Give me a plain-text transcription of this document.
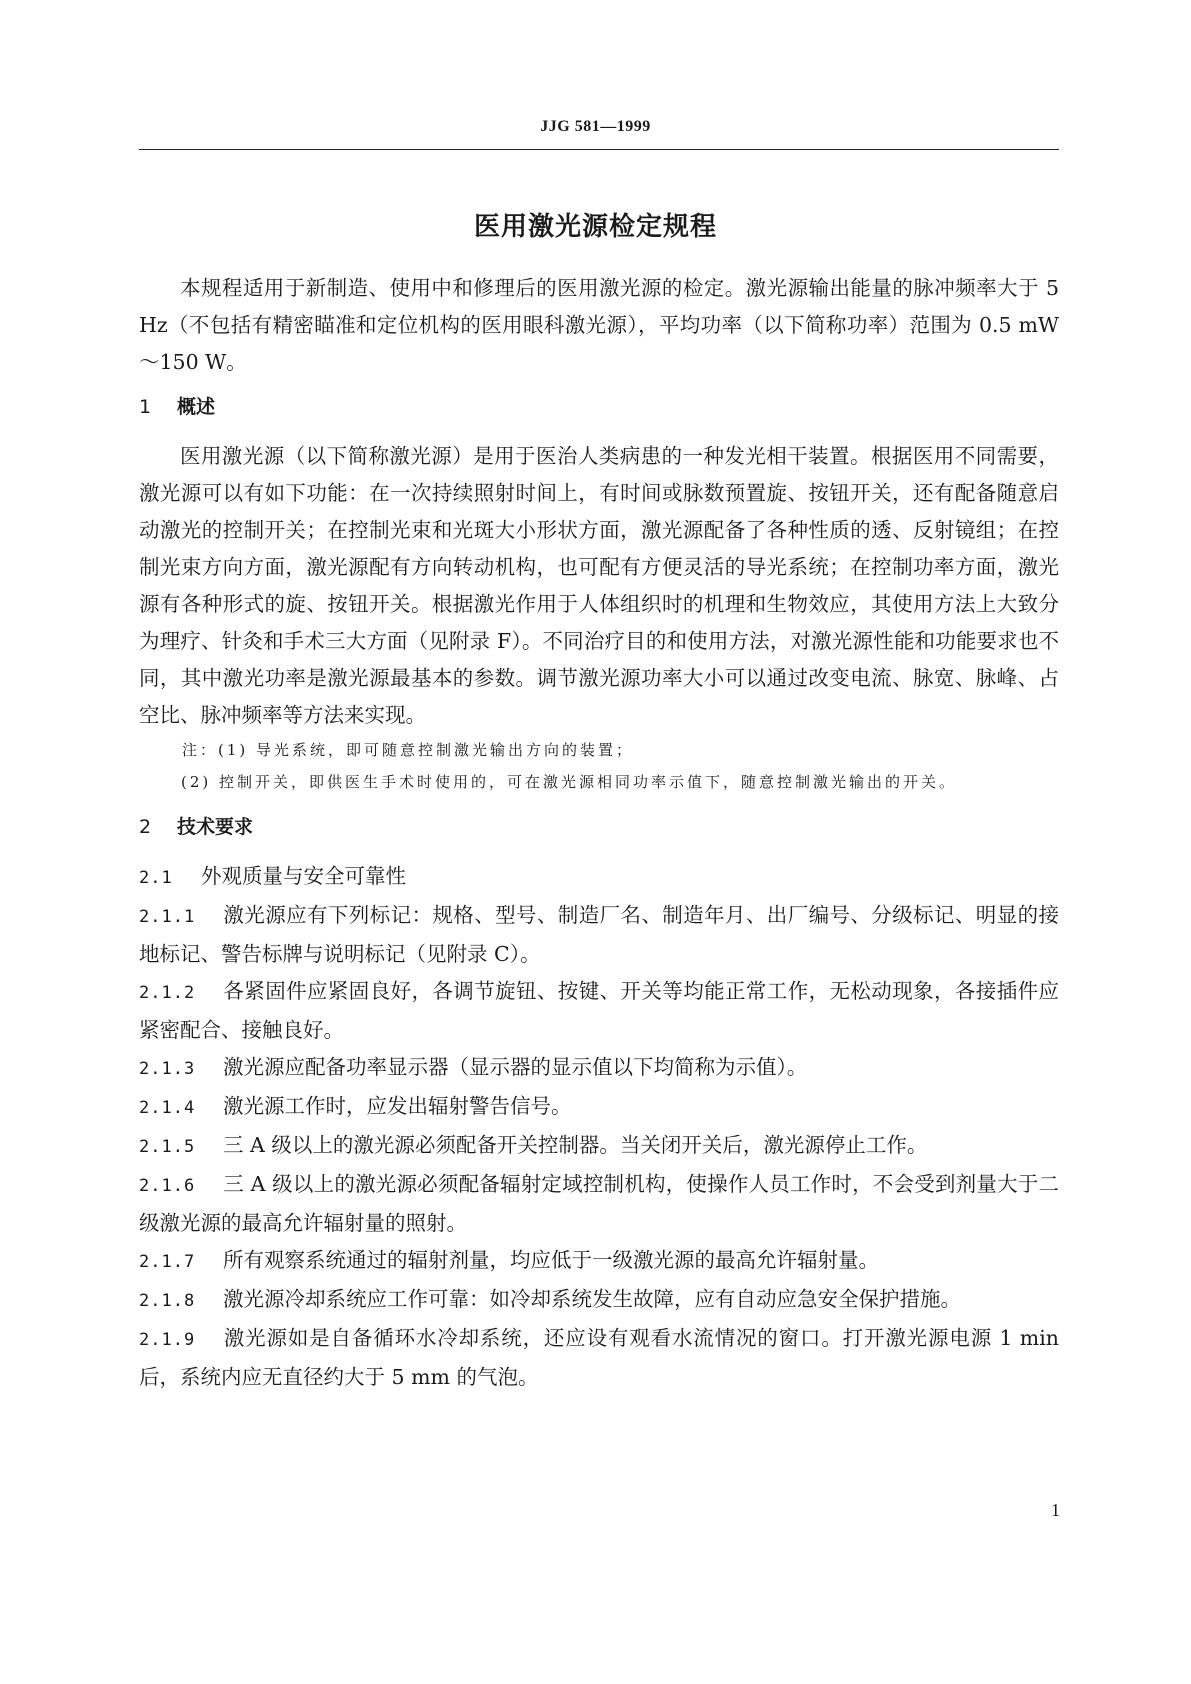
JJG 581—1999
医用激光源检定规程

本规程适用于新制造、使用中和修理后的医用激光源的检定。激光源输出能量的脉冲频率大于 5 Hz（不包括有精密瞄准和定位机构的医用眼科激光源），平均功率（以下简称功率）范围为 0.5 mW～150 W。

1 概述

医用激光源（以下简称激光源）是用于医治人类病患的一种发光相干装置。根据医用不同需要，激光源可以有如下功能：在一次持续照射时间上，有时间或脉数预置旋、按钮开关，还有配备随意启动激光的控制开关；在控制光束和光斑大小形状方面，激光源配备了各种性质的透、反射镜组；在控制光束方向方面，激光源配有方向转动机构，也可配有方便灵活的导光系统；在控制功率方面，激光源有各种形式的旋、按钮开关。根据激光作用于人体组织时的机理和生物效应，其使用方法上大致分为理疗、针灸和手术三大方面（见附录 F）。不同治疗目的和使用方法，对激光源性能和功能要求也不同，其中激光功率是激光源最基本的参数。调节激光源功率大小可以通过改变电流、脉宽、脉峰、占空比、脉冲频率等方法来实现。

注：(1) 导光系统，即可随意控制激光输出方向的装置；
(2) 控制开关，即供医生手术时使用的，可在激光源相同功率示值下，随意控制激光输出的开关。
2 技术要求

2.1 外观质量与安全可靠性

2.1.1 激光源应有下列标记：规格、型号、制造厂名、制造年月、出厂编号、分级标记、明显的接地标记、警告标牌与说明标记（见附录 C）。

2.1.2 各紧固件应紧固良好，各调节旋钮、按键、开关等均能正常工作，无松动现象，各接插件应紧密配合、接触良好。

2.1.3 激光源应配备功率显示器（显示器的显示值以下均简称为示值）。

2.1.4 激光源工作时，应发出辐射警告信号。

2.1.5 三 A 级以上的激光源必须配备开关控制器。当关闭开关后，激光源停止工作。

2.1.6 三 A 级以上的激光源必须配备辐射定域控制机构，使操作人员工作时，不会受到剂量大于二级激光源的最高允许辐射量的照射。

2.1.7 所有观察系统通过的辐射剂量，均应低于一级激光源的最高允许辐射量。

2.1.8 激光源冷却系统应工作可靠：如冷却系统发生故障，应有自动应急安全保护措施。

2.1.9 激光源如是自备循环水冷却系统，还应设有观看水流情况的窗口。打开激光源电源 1 min 后，系统内应无直径约大于 5 mm 的气泡。

1
